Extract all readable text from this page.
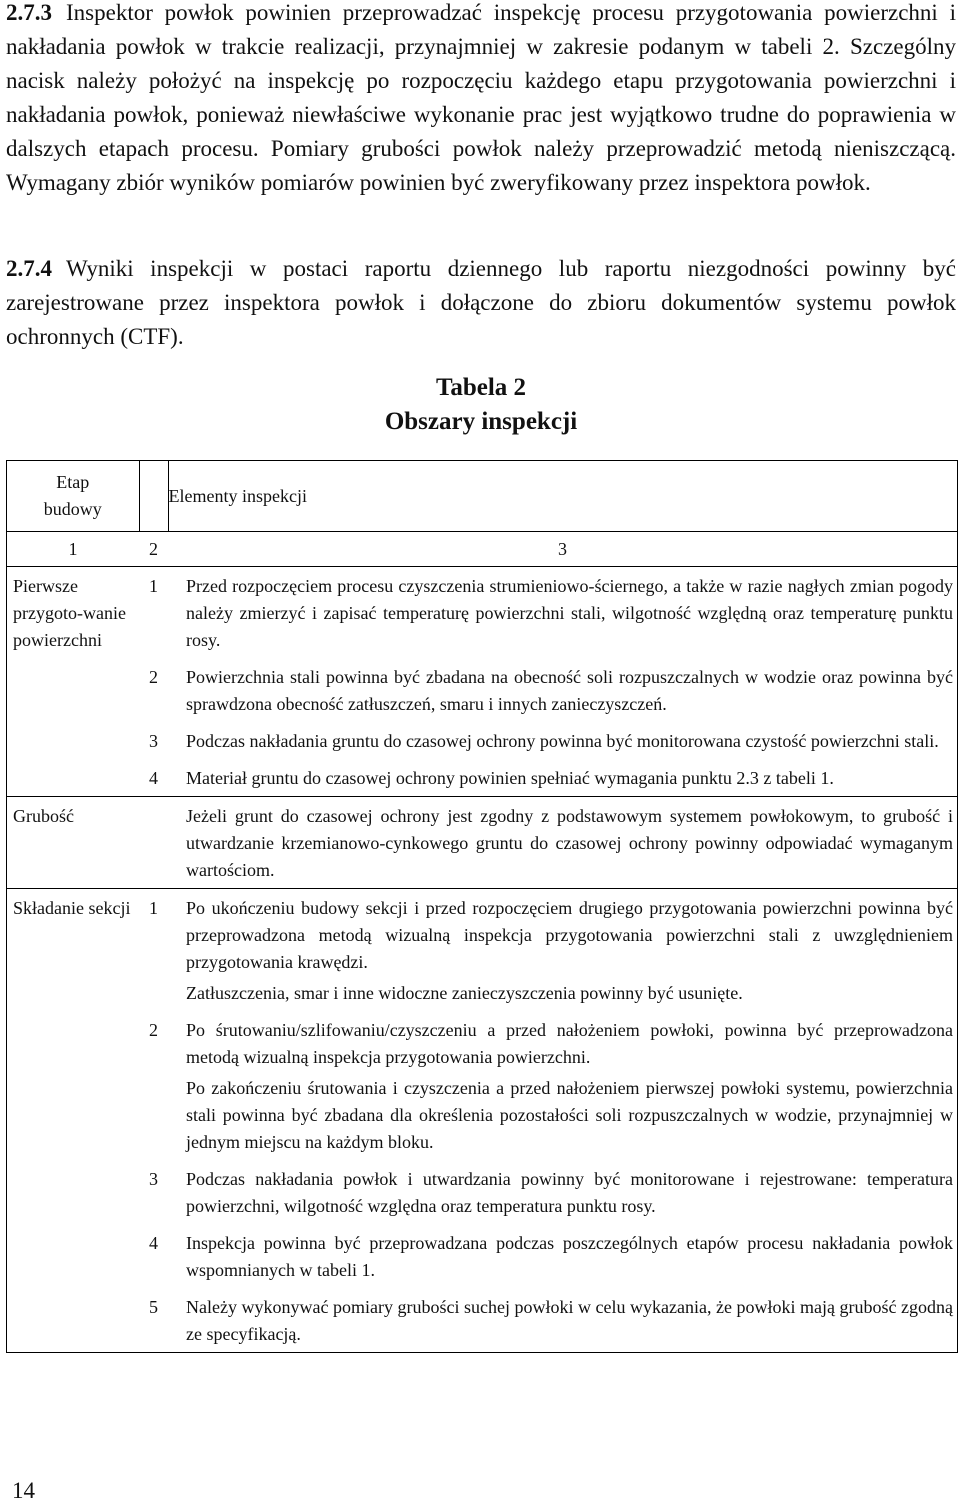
2.7.3 Inspektor powłok powinien przeprowadzać inspekcję procesu przygotowania powierzchni i nakładania powłok w trakcie realizacji, przynajmniej w zakresie podanym w tabeli 2. Szczególny nacisk należy położyć na inspekcję po rozpoczęciu każdego etapu przygotowania powierzchni i nakładania powłok, ponieważ niewłaściwe wykonanie prac jest wyjątkowo trudne do poprawienia w dalszych etapach procesu. Pomiary grubości powłok należy przeprowadzić metodą nieniszczącą. Wymagany zbiór wyników pomiarów powinien być zweryfikowany przez inspektora powłok.

2.7.4 Wyniki inspekcji w postaci raportu dziennego lub raportu niezgodności powinny być zarejestrowane przez inspektora powłok i dołączone do zbioru dokumentów systemu powłok ochronnych (CTF).

Tabela 2
Obszary inspekcji
Etap budowy		Elementy inspekcji
1	2	3
Pierwsze przygoto-wanie powierzchni	1	Przed rozpoczęciem procesu czyszczenia strumieniowo-ściernego, a także w razie nagłych zmian pogody należy zmierzyć i zapisać temperaturę powierzchni stali, wilgotność względną oraz temperaturę punktu rosy.
	2	Powierzchnia stali powinna być zbadana na obecność soli rozpuszczalnych w wodzie oraz powinna być sprawdzona obecność zatłuszczeń, smaru i innych zanieczyszczeń.
	3	Podczas nakładania gruntu do czasowej ochrony powinna być monitorowana czystość powierzchni stali.
	4	Materiał gruntu do czasowej ochrony powinien spełniać wymagania punktu 2.3 z tabeli 1.
Grubość		Jeżeli grunt do czasowej ochrony jest zgodny z podstawowym systemem powłokowym, to grubość i utwardzanie krzemianowo-cynkowego gruntu do czasowej ochrony powinny odpowiadać wymaganym wartościom.
Składanie sekcji	1	Po ukończeniu budowy sekcji i przed rozpoczęciem drugiego przygotowania powierzchni powinna być przeprowadzona metodą wizualną inspekcja przygotowania powierzchni stali z uwzględnieniem przygotowania krawędzi.
Zatłuszczenia, smar i inne widoczne zanieczyszczenia powinny być usunięte.

	2	Po śrutowaniu/szlifowaniu/czyszczeniu a przed nałożeniem powłoki, powinna być przeprowadzona metodą wizualną inspekcja przygotowania powierzchni.
Po zakończeniu śrutowania i czyszczenia a przed nałożeniem pierwszej powłoki systemu, powierzchnia stali powinna być zbadana dla określenia pozostałości soli rozpuszczalnych w wodzie, przynajmniej w jednym miejscu na każdym bloku.

	3	Podczas nakładania powłok i utwardzania powinny być monitorowane i rejestrowane: temperatura powierzchni, wilgotność względna oraz temperatura punktu rosy.
	4	Inspekcja powinna być przeprowadzana podczas poszczególnych etapów procesu nakładania powłok wspomnianych w tabeli 1.
	5	Należy wykonywać pomiary grubości suchej powłoki w celu wykazania, że powłoki mają grubość zgodną ze specyfikacją.
14
